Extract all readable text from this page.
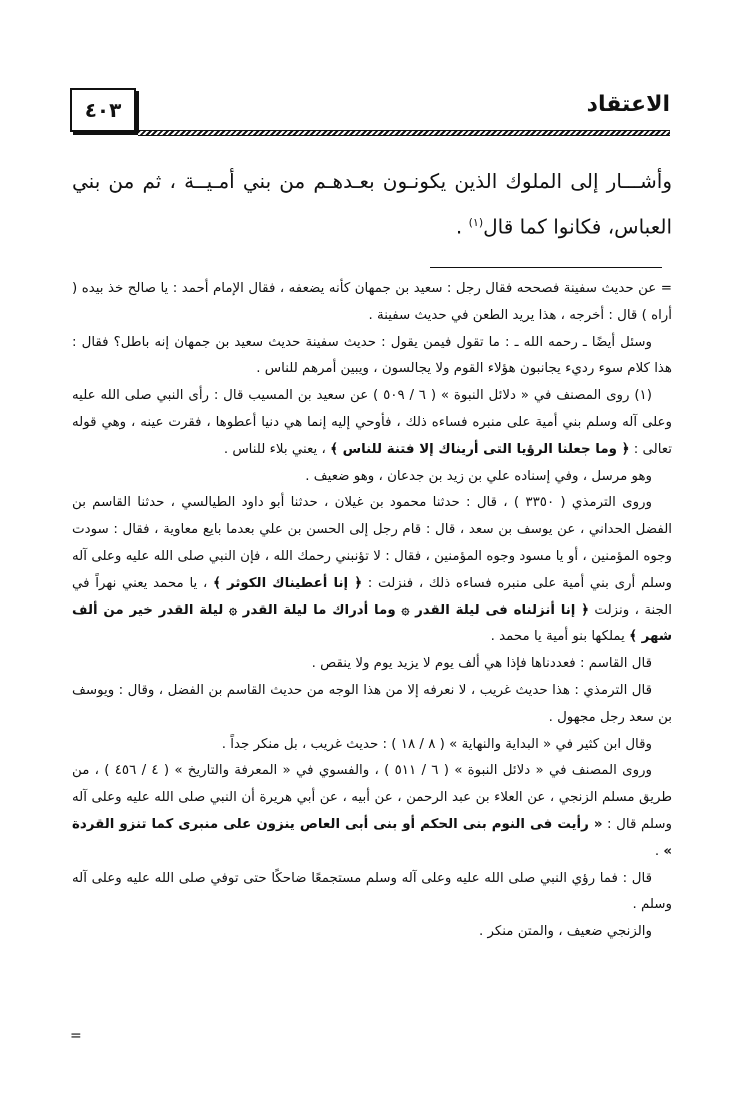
٤٠٣	الاعتقاد
وأشـــار إلى الملوك الذين يكونـون بعـدهـم من بني أمـيــة ، ثم من بني العباس، فكانوا كما قال$^{(١)}$ .

= عن حديث سفينة فصححه فقال رجل : سعيد بن جمهان كأنه يضعفه ، فقال الإمام أحمد : يا صالح خذ بيده ( أراه ) قال : أخرجه ، هذا يريد الطعن في حديث سفينة .

وسئل أيضًا ـ رحمه الله ـ : ما تقول فيمن يقول : حديث سفينة حديث سعيد بن جمهان إنه باطل؟ فقال : هذا كلام سوء رديء يجانبون هؤلاء القوم ولا يجالسون ، ويبين أمرهم للناس .

(١) روى المصنف في « دلائل النبوة » ( ٦ / ٥٠٩ ) عن سعيد بن المسيب قال : رأى النبي صلى الله عليه وعلى آله وسلم بني أمية على منبره فساءه ذلك ، فأوحي إليه إنما هي دنيا أعطوها ، فقرت عينه ، وهي قوله تعالى : ﴿ وما جعلنا الرؤيا التى أريناك إلا فتنة للناس ﴾ ، يعني بلاء للناس .

وهو مرسل ، وفي إسناده علي بن زيد بن جدعان ، وهو ضعيف .

وروى الترمذي ( ٣٣٥٠ ) ، قال : حدثنا محمود بن غيلان ، حدثنا أبو داود الطيالسي ، حدثنا القاسم بن الفضل الحداني ، عن يوسف بن سعد ، قال : قام رجل إلى الحسن بن علي بعدما بايع معاوية ، فقال : سودت وجوه المؤمنين ، أو يا مسود وجوه المؤمنين ، فقال : لا تؤنبني رحمك الله ، فإن النبي صلى الله عليه وعلى آله وسلم أرى بني أمية على منبره فساءه ذلك ، فنزلت : ﴿ إنا أعطيناك الكوثر ﴾ ، يا محمد يعني نهراً في الجنة ، ونزلت ﴿ إنا أنزلناه فى ليلة القدر ۞ وما أدراك ما ليلة القدر ۞ ليلة القدر خير من ألف شهر ﴾ يملكها بنو أمية يا محمد .

قال القاسم : فعددناها فإذا هي ألف يوم لا يزيد يوم ولا ينقص .

قال الترمذي : هذا حديث غريب ، لا نعرفه إلا من هذا الوجه من حديث القاسم بن الفضل ، وقال : ويوسف بن سعد رجل مجهول .

وقال ابن كثير في « البداية والنهاية » ( ٨ / ١٨ ) : حديث غريب ، بل منكر جداً .

وروى المصنف في « دلائل النبوة » ( ٦ / ٥١١ ) ، والفسوي في « المعرفة والتاريخ » ( ٤ / ٤٥٦ ) ، من طريق مسلم الزنجي ، عن العلاء بن عبد الرحمن ، عن أبيه ، عن أبي هريرة أن النبي صلى الله عليه وعلى آله وسلم قال : « رأيت فى النوم بنى الحكم أو بنى أبى العاص ينزون على منبرى كما تنزو القردة » .

قال : فما رؤي النبي صلى الله عليه وعلى آله وسلم مستجمعًا ضاحكًا حتى توفي صلى الله عليه وعلى آله وسلم .

والزنجي ضعيف ، والمتن منكر .

=
